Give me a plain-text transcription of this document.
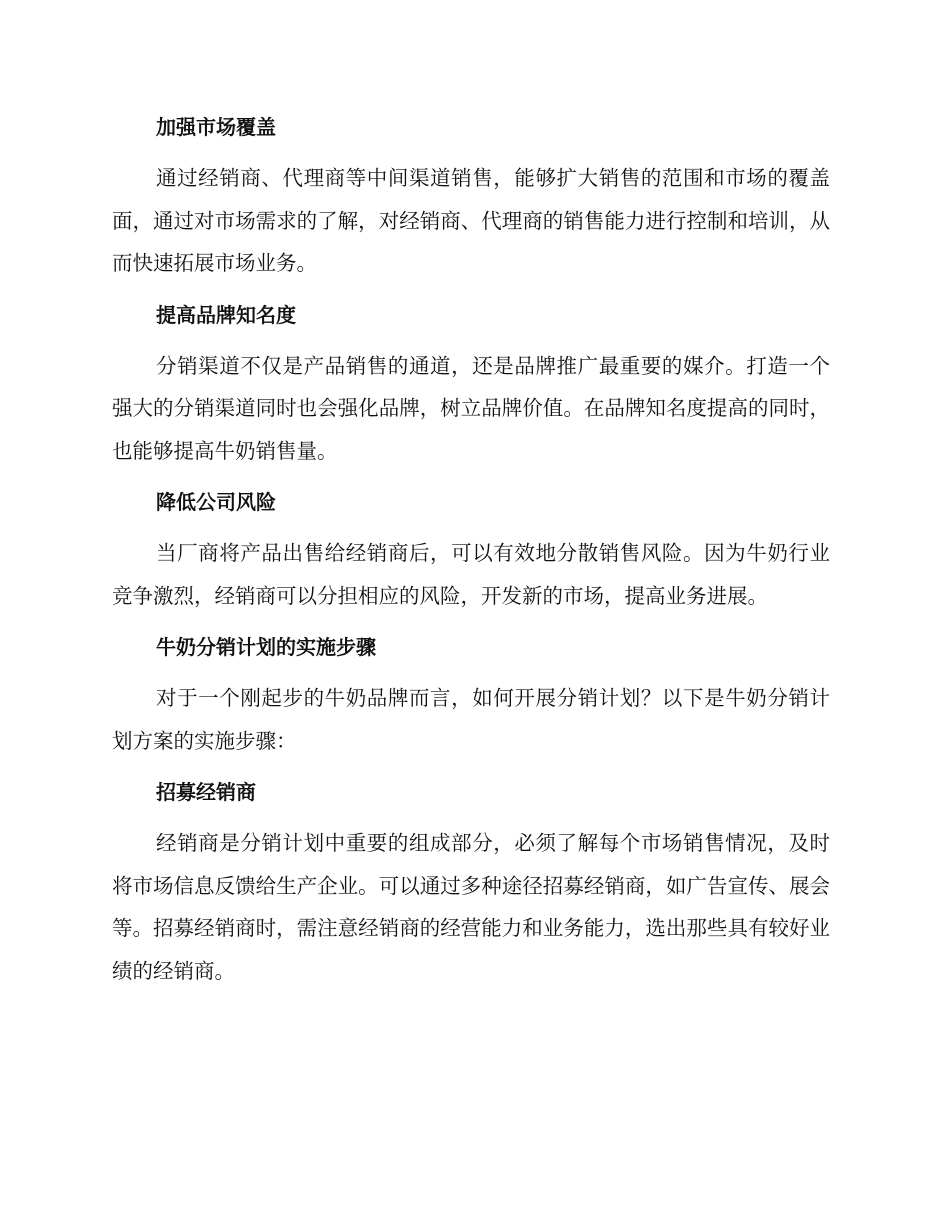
加强市场覆盖

通过经销商、代理商等中间渠道销售，能够扩大销售的范围和市场的覆盖面，通过对市场需求的了解，对经销商、代理商的销售能力进行控制和培训，从而快速拓展市场业务。

提高品牌知名度

分销渠道不仅是产品销售的通道，还是品牌推广最重要的媒介。打造一个强大的分销渠道同时也会强化品牌，树立品牌价值。在品牌知名度提高的同时，也能够提高牛奶销售量。

降低公司风险

当厂商将产品出售给经销商后，可以有效地分散销售风险。因为牛奶行业竞争激烈，经销商可以分担相应的风险，开发新的市场，提高业务进展。

牛奶分销计划的实施步骤

对于一个刚起步的牛奶品牌而言，如何开展分销计划？以下是牛奶分销计划方案的实施步骤：

招募经销商

经销商是分销计划中重要的组成部分，必须了解每个市场销售情况，及时将市场信息反馈给生产企业。可以通过多种途径招募经销商，如广告宣传、展会等。招募经销商时，需注意经销商的经营能力和业务能力，选出那些具有较好业绩的经销商。
